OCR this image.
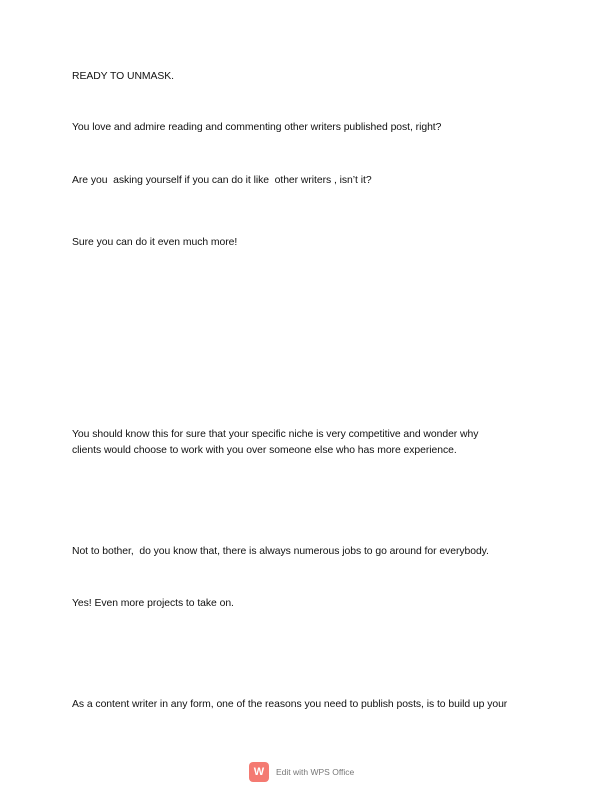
READY TO UNMASK.
You love and admire reading and commenting other writers published post, right?
Are you  asking yourself if you can do it like  other writers , isn’t it?
Sure you can do it even much more!
You should know this for sure that your specific niche is very competitive and wonder why
clients would choose to work with you over someone else who has more experience.
Not to bother,  do you know that, there is always numerous jobs to go around for everybody.
Yes! Even more projects to take on.
As a content writer in any form, one of the reasons you need to publish posts, is to build up your
W	Edit with WPS Office
